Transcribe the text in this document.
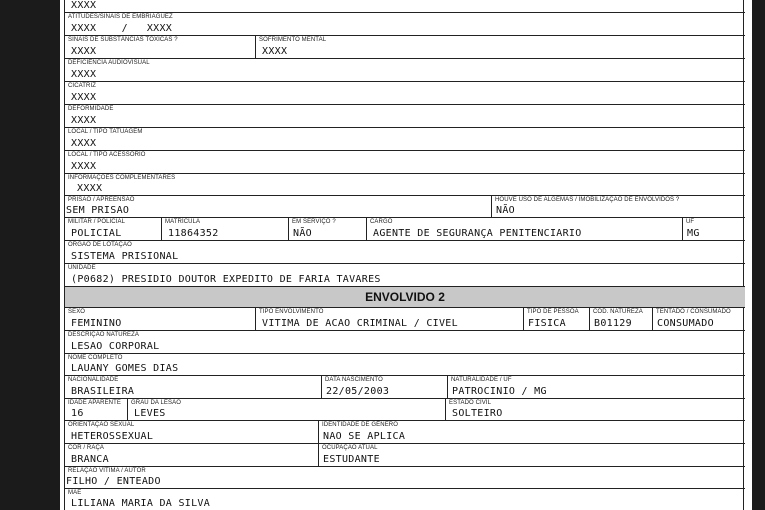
XXXX
ATITUDES/SINAIS DE EMBRIAGUEZ
XXXX    /   XXXX
SINAIS DE SUBSTÂNCIAS TÓXICAS ?
XXXX
SOFRIMENTO MENTAL
XXXX
DEFICIÊNCIA AUDIOVISUAL
XXXX
CICATRIZ
XXXX
DEFORMIDADE
XXXX
LOCAL / TIPO TATUAGEM
XXXX
LOCAL / TIPO ACESSÓRIO
XXXX
INFORMAÇÕES COMPLEMENTARES
XXXX
PRISÃO / APREENSÃO
SEM PRISAO
HOUVE USO DE ALGEMAS / IMOBILIZAÇÃO DE ENVOLVIDOS ?
NÃO
MILITAR / POLICIAL
POLICIAL
MATRÍCULA
11864352
EM SERVIÇO ?
NÃO
CARGO
AGENTE DE SEGURANÇA PENITENCIARIO
UF
MG
ÓRGÃO DE LOTAÇÃO
SISTEMA PRISIONAL
UNIDADE
(P0682) PRESIDIO DOUTOR EXPEDITO DE FARIA TAVARES
ENVOLVIDO 2
SEXO
FEMININO
TIPO ENVOLVIMENTO
VITIMA DE ACAO CRIMINAL / CIVEL
TIPO DE PESSOA
FISICA
CÓD. NATUREZA
B01129
TENTADO / CONSUMADO
CONSUMADO
DESCRIÇÃO NATUREZA
LESAO CORPORAL
NOME COMPLETO
LAUANY GOMES DIAS
NACIONALIDADE
BRASILEIRA
DATA NASCIMENTO
22/05/2003
NATURALIDADE / UF
PATROCINIO / MG
IDADE APARENTE
16
GRAU DA LESÃO
LEVES
ESTADO CIVIL
SOLTEIRO
ORIENTAÇÃO SEXUAL
HETEROSSEXUAL
IDENTIDADE DE GÊNERO
NAO SE APLICA
COR / RAÇA
BRANCA
OCUPAÇÃO ATUAL
ESTUDANTE
RELAÇÃO VÍTIMA / AUTOR
FILHO / ENTEADO
MÃE
LILIANA MARIA DA SILVA
